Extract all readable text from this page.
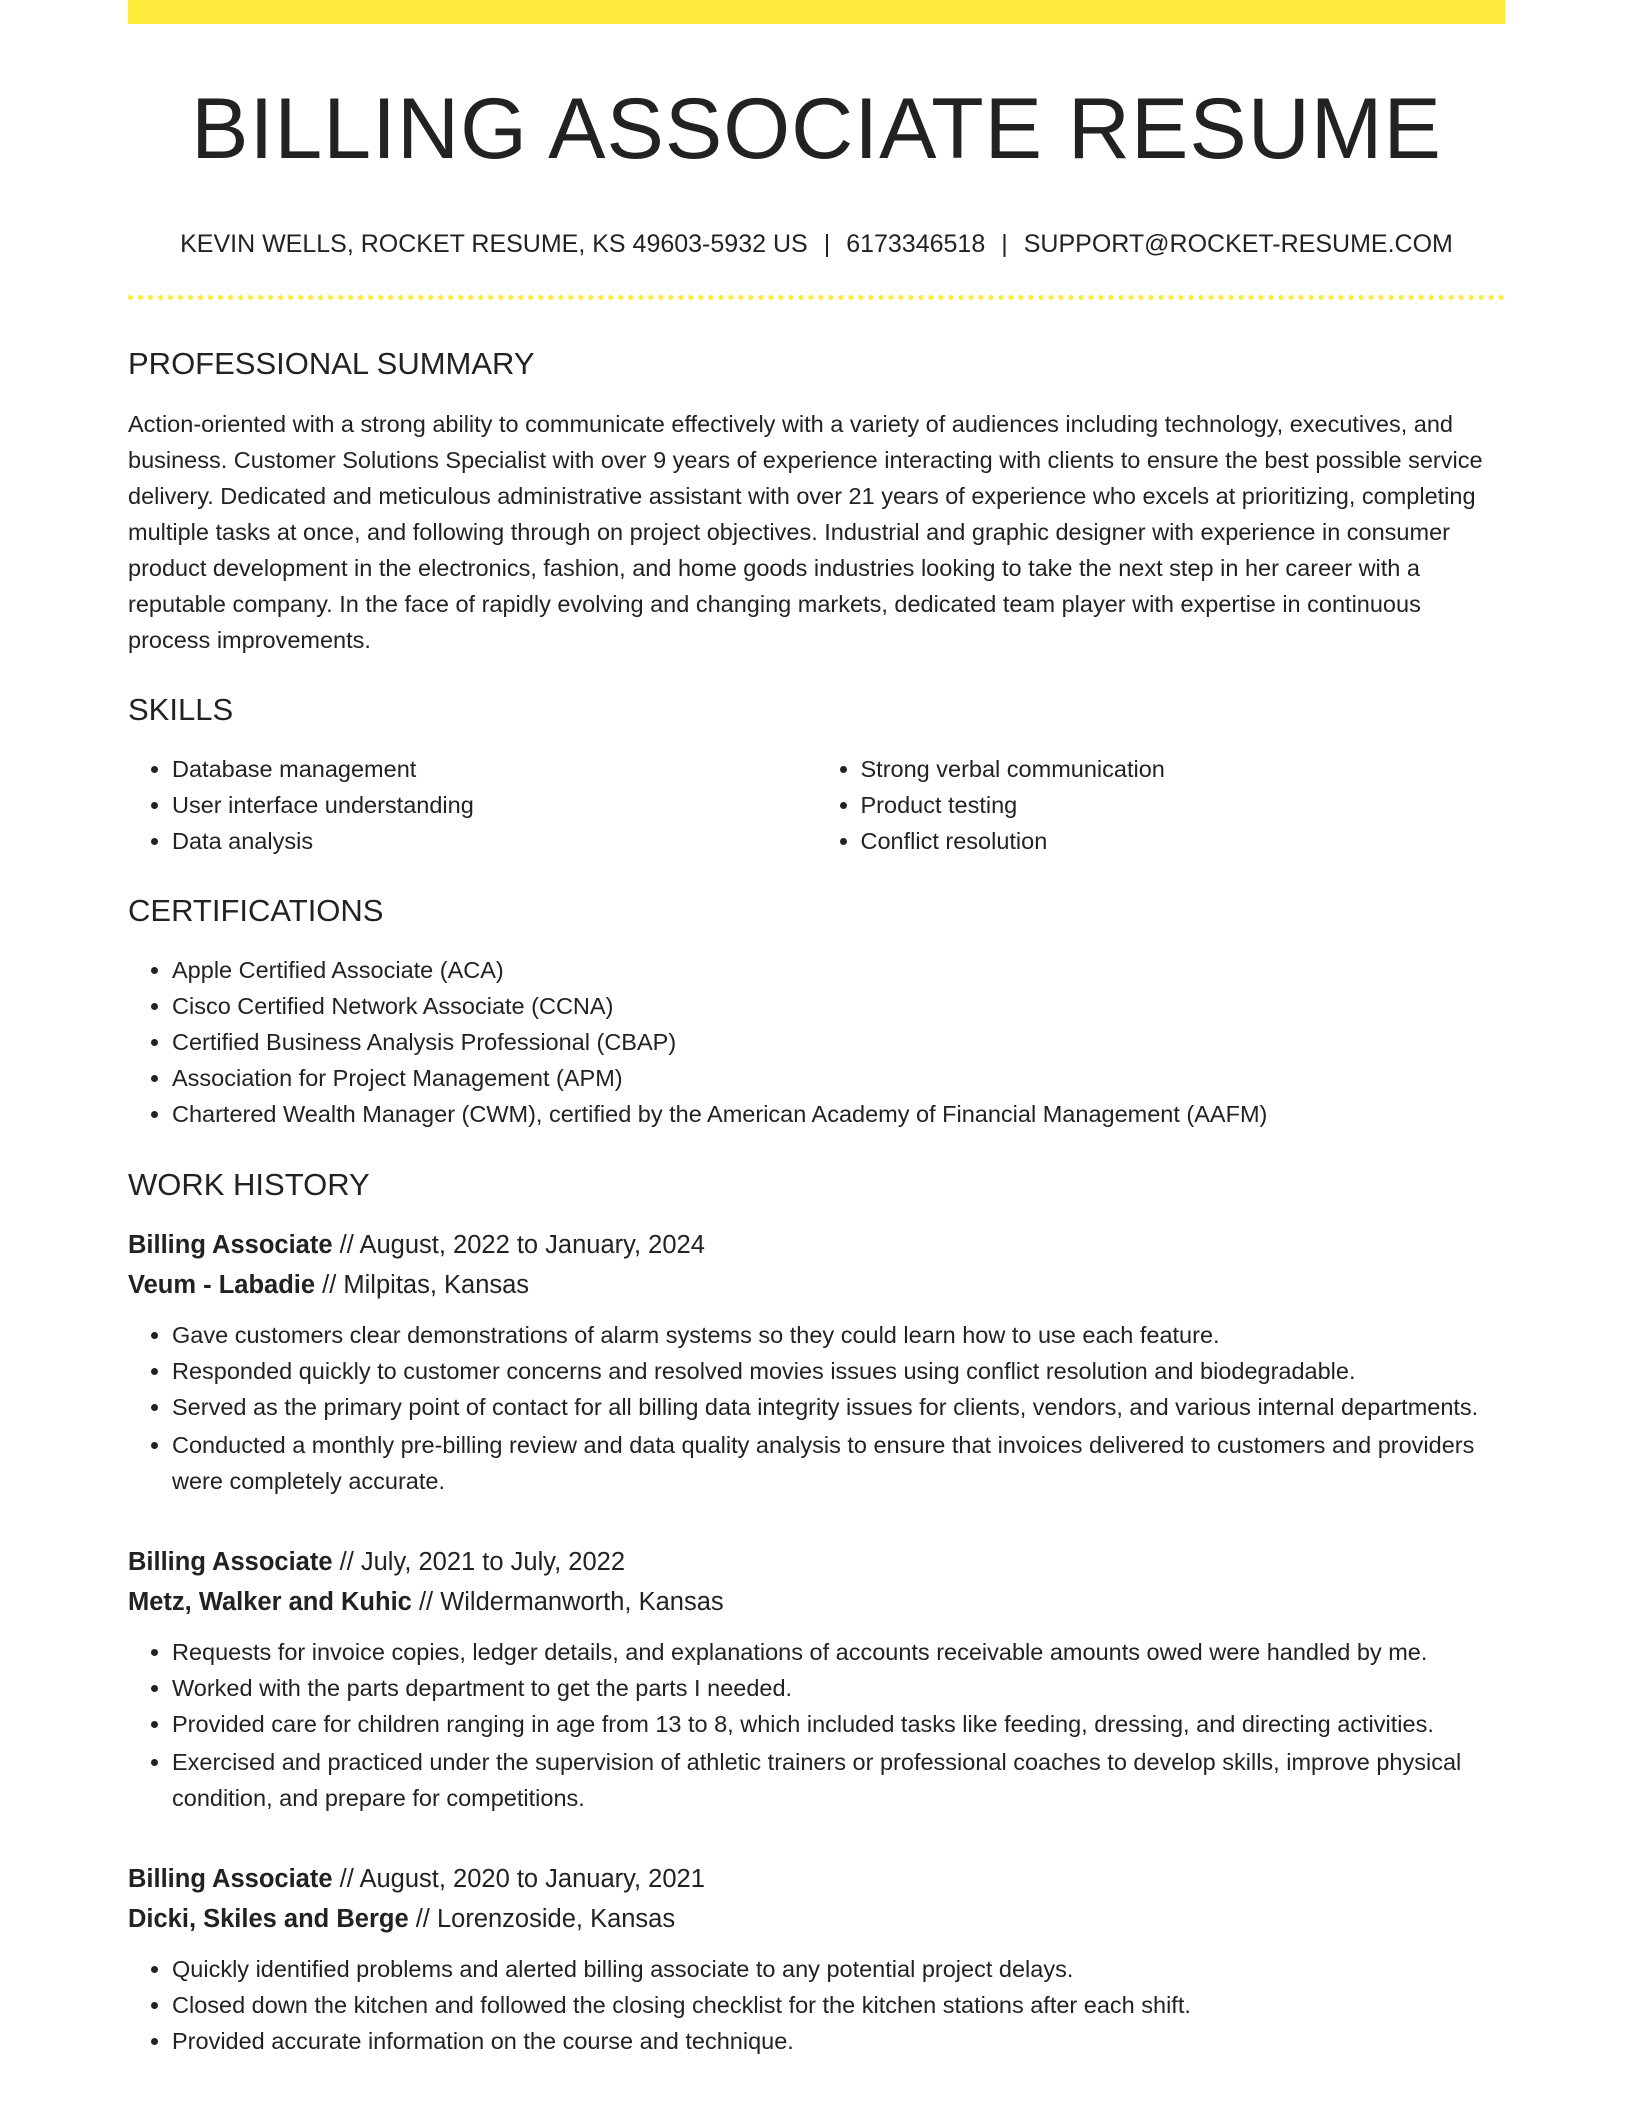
BILLING ASSOCIATE RESUME
KEVIN WELLS, ROCKET RESUME, KS 49603-5932 US | 6173346518 | SUPPORT@ROCKET-RESUME.COM
PROFESSIONAL SUMMARY

Action-oriented with a strong ability to communicate effectively with a variety of audiences including technology, executives, and business. Customer Solutions Specialist with over 9 years of experience interacting with clients to ensure the best possible service delivery. Dedicated and meticulous administrative assistant with over 21 years of experience who excels at prioritizing, completing multiple tasks at once, and following through on project objectives. Industrial and graphic designer with experience in consumer product development in the electronics, fashion, and home goods industries looking to take the next step in her career with a reputable company. In the face of rapidly evolving and changing markets, dedicated team player with expertise in continuous process improvements.

SKILLS
• Database management
• User interface understanding
• Data analysis
• Strong verbal communication
• Product testing
• Conflict resolution
CERTIFICATIONS
• Apple Certified Associate (ACA)
• Cisco Certified Network Associate (CCNA)
• Certified Business Analysis Professional (CBAP)
• Association for Project Management (APM)
• Chartered Wealth Manager (CWM), certified by the American Academy of Financial Management (AAFM)
WORK HISTORY
Billing Associate // August, 2022 to January, 2024
Veum - Labadie // Milpitas, Kansas
• Gave customers clear demonstrations of alarm systems so they could learn how to use each feature.
• Responded quickly to customer concerns and resolved movies issues using conflict resolution and biodegradable.
• Served as the primary point of contact for all billing data integrity issues for clients, vendors, and various internal departments.
• Conducted a monthly pre-billing review and data quality analysis to ensure that invoices delivered to customers and providers were completely accurate.
Billing Associate // July, 2021 to July, 2022
Metz, Walker and Kuhic // Wildermanworth, Kansas
• Requests for invoice copies, ledger details, and explanations of accounts receivable amounts owed were handled by me.
• Worked with the parts department to get the parts I needed.
• Provided care for children ranging in age from 13 to 8, which included tasks like feeding, dressing, and directing activities.
• Exercised and practiced under the supervision of athletic trainers or professional coaches to develop skills, improve physical condition, and prepare for competitions.
Billing Associate // August, 2020 to January, 2021
Dicki, Skiles and Berge // Lorenzoside, Kansas
• Quickly identified problems and alerted billing associate to any potential project delays.
• Closed down the kitchen and followed the closing checklist for the kitchen stations after each shift.
• Provided accurate information on the course and technique.
